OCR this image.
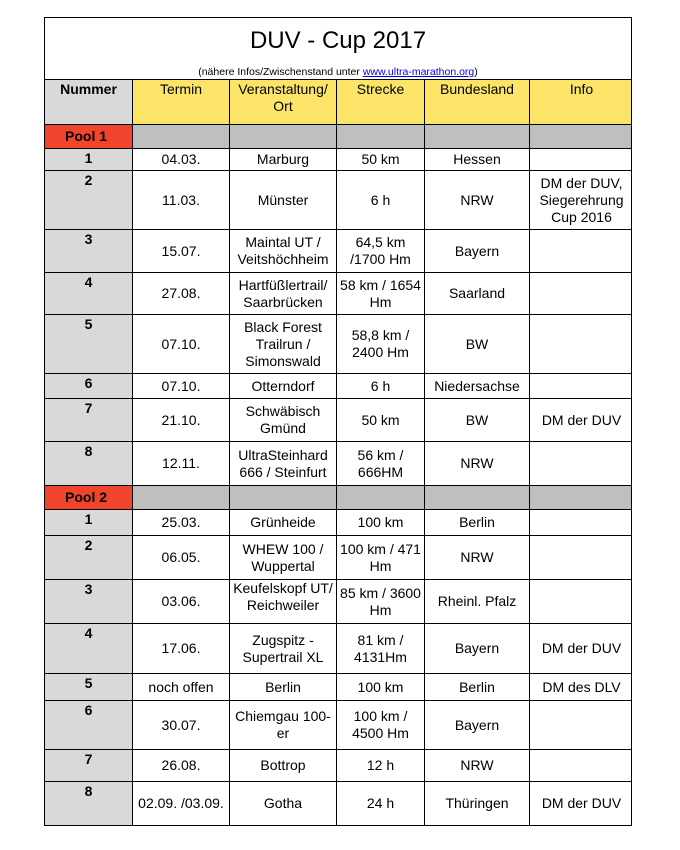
DUV - Cup 2017
(nähere Infos/Zwischenstand unter www.ultra-marathon.org)
Nummer	Termin	Veranstaltung/ Ort	Strecke	Bundesland	Info
Pool 1					
1	04.03.	Marburg	50 km	Hessen	
2	11.03.	Münster	6 h	NRW	DM der DUV, Siegerehrung Cup 2016
3	15.07.	Maintal UT / Veitshöchheim	64,5 km /1700 Hm	Bayern	
4	27.08.	Hartfüßlertrail/ Saarbrücken	58 km / 1654 Hm	Saarland	
5	07.10.	Black Forest Trailrun / Simonswald	58,8 km / 2400 Hm	BW	
6	07.10.	Otterndorf	6 h	Niedersachse	
7	21.10.	Schwäbisch Gmünd	50 km	BW	DM der DUV
8	12.11.	UltraSteinhard 666 / Steinfurt	56 km / 666HM	NRW	
Pool 2					
1	25.03.	Grünheide	100 km	Berlin	
2	06.05.	WHEW 100 / Wuppertal	100 km / 471 Hm	NRW	
3	03.06.	Keufelskopf UT/ Reichweiler	85 km / 3600 Hm	Rheinl. Pfalz	
4	17.06.	Zugspitz - Supertrail XL	81 km / 4131Hm	Bayern	DM der DUV
5	noch offen	Berlin	100 km	Berlin	DM des DLV
6	30.07.	Chiemgau 100-er	100 km / 4500 Hm	Bayern	
7	26.08.	Bottrop	12 h	NRW	
8	02.09. /03.09.	Gotha	24 h	Thüringen	DM der DUV
